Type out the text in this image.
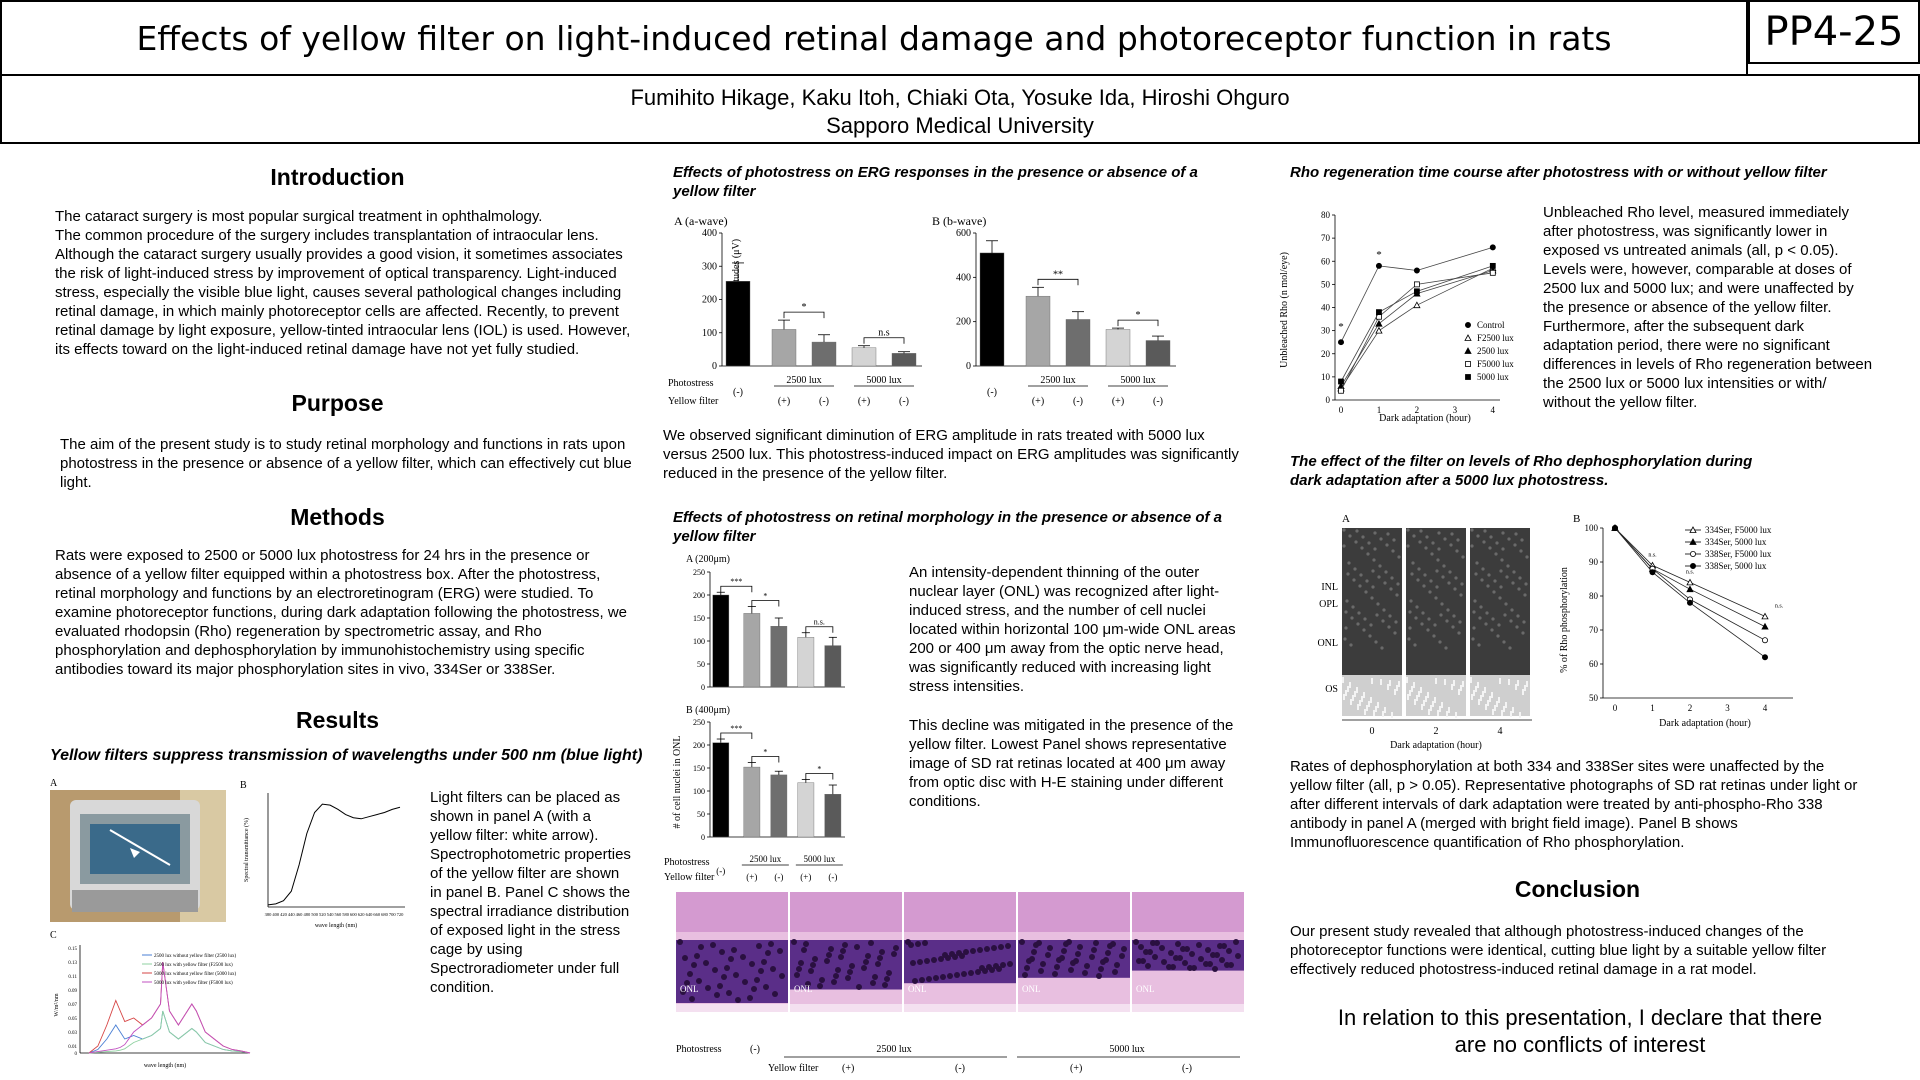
Effects of yellow filter on light-induced retinal damage and photoreceptor function in rats	PP4-25
Fumihito Hikage, Kaku Itoh, Chiaki Ota, Yosuke Ida, Hiroshi Ohguro
Sapporo Medical University
Introduction
The cataract surgery is most popular surgical treatment in ophthalmology.
The common procedure of the surgery includes transplantation of intraocular lens. Although the cataract surgery usually provides a good vision, it sometimes associates the risk of light-induced stress by improvement of optical transparency. Light-induced stress, especially the visible blue light, causes several pathological changes including retinal damage, in which mainly photoreceptor cells are affected. Recently, to prevent retinal damage by light exposure, yellow-tinted intraocular lens (IOL) is used. However, its effects toward on the light-induced retinal damage have not yet fully studied.
Purpose
The aim of the present study is to study retinal morphology and functions in rats upon photostress in the presence or absence of a yellow filter, which can effectively cut blue light.
Methods
Rats were exposed to 2500 or 5000 lux photostress for 24 hrs in the presence or absence of a yellow filter equipped within a photostress box. After the photostress, retinal morphology and functions by an electroretinogram (ERG) were studied. To examine photoreceptor functions, during dark adaptation following the photostress, we evaluated rhodopsin (Rho) regeneration by spectrometric assay, and Rho phosphorylation and dephosphorylation by immunohistochemistry using specific antibodies toward its major phosphorylation sites in vivo, 334Ser or 338Ser.
Results
Yellow filters suppress transmission of wavelengths under 500 nm (blue light)
A	B
Spectral transmittance (%)
wave length (nm)
380 400 420 440 460 480 500 520 540 560 580 600 620 640 660 680 700 720
Light filters can be placed as shown in panel A (with a yellow filter: white arrow). Spectrophotometric properties of the yellow filter are shown in panel B. Panel C shows the spectral irradiance distribution of exposed light in the stress cage by using Spectroradiometer under full condition.
C
W/m²/nm
wave length (nm)
0
0.01
0.03
0.05
0.07
0.09
0.11
0.13
0.15
2500 lux without yellow filter (2500 lux)
2500 lux with yellow filter (F2500 lux)
5000 lux without yellow filter (5000 lux)
5000 lux with yellow filter (F5000 lux)
Effects of photostress on ERG responses in the presence or absence of a yellow filter
A (a-wave)	B (b-wave)
0
100
200
300
400
*
n.s
0
200
400
600
**
*
Photostress
Yellow filter
(-)
2500 lux	5000 lux
(+)	(+)
(-)	(-)
(-)
2500 lux	5000 lux
(+)	(+)
(-)	(-)
We observed significant diminution of ERG amplitude in rats treated with 5000 lux versus 2500 lux. This photostress-induced impact on ERG amplitudes was significantly reduced in the presence of the yellow filter.
Effects of photostress on retinal morphology in the presence or absence of a yellow filter
A (200μm)
B (400μm)
# of cell nuclei in ONL
0
50
100
150
200
250
***
*
n.s.
0
50
100
150
200
250
***
*
*
Photostress
Yellow filter
(-)
2500 lux 5000 lux
(+)	(+)
(-)	(-)
An intensity-dependent thinning of the outer nuclear layer (ONL) was recognized after light-induced stress, and the number of cell nuclei located within horizontal 100 μm-wide ONL areas 200 or 400 μm away from the optic nerve head, was significantly reduced with increasing light stress intensities.
This decline was mitigated in the presence of the yellow filter. Lowest Panel shows representative image of SD rat retinas located at 400 μm away from optic disc with H-E staining under different conditions.
ONL	ONL	ONL	ONL	ONL
Photostress	(-)	2500 lux	5000 lux
Yellow filter (+)	(-)	(+)	(-)
Rho regeneration time course after photostress with or without yellow filter
Unbleached Rho (n mol/eye)
Dark adaptation (hour)
0
10
20
30
40
50
60
70
80
0	1	2	3	4
*
*
Control
F2500 lux
2500 lux
F5000 lux
5000 lux
Unbleached Rho level, measured immediately after photostress, was significantly lower in exposed vs untreated animals (all, p < 0.05). Levels were, however, comparable at doses of 2500 lux and 5000 lux; and were unaffected by the presence or absence of the yellow filter.
Furthermore, after the subsequent dark adaptation period, there were no significant differences in levels of Rho regeneration between the 2500 lux or 5000 lux intensities or with/ without the yellow filter.
The effect of the filter on levels of Rho dephosphorylation during dark adaptation after a 5000 lux photostress.
A
INL
OPL
ONL
OS
0	2	4
Dark adaptation (hour)
B
% of Rho phosphorylation
Dark adaptation (hour)
50
60
70
80
90
100
0	1	2	3	4
n.s.
n.s.
n.s.
334Ser, F5000 lux
334Ser, 5000 lux
338Ser, F5000 lux
338Ser, 5000 lux
Rates of dephosphorylation at both 334 and 338Ser sites were unaffected by the yellow filter (all, p > 0.05). Representative photographs of SD rat retinas under light or after different intervals of dark adaptation were treated by anti-phospho-Rho 338 antibody in panel A (merged with bright field image). Panel B shows Immunofluorescence quantification of Rho phosphorylation.
Conclusion
Our present study revealed that although photostress-induced changes of the photoreceptor functions were identical, cutting blue light by a suitable yellow filter effectively reduced photostress-induced retinal damage in a rat model.
In relation to this presentation, I declare that there are no conflicts of interest
